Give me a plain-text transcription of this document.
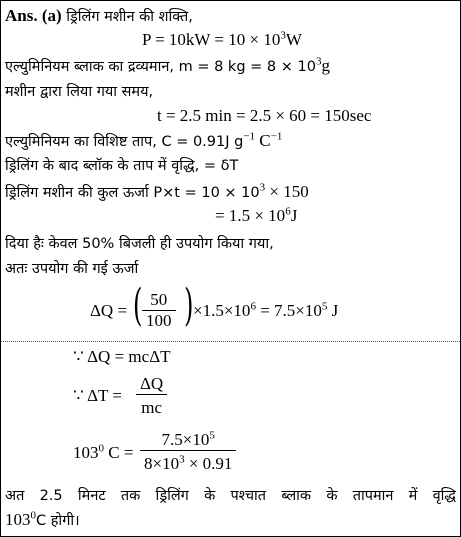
Ans. (a) ड्रिलिंग मशीन की शक्ति,
$P = 10kW = 10 \times 10^3W$
एल्युमिनियम ब्लाक का द्रव्यमान, m = 8 kg = $8 \times 10^3g$
मशीन द्वारा लिया गया समय,
t = 2.5 min = 2.5 × 60 = 150sec
एल्युमिनियम का विशिष्ट ताप, C = 0.91J $g^{-1}$ $C^{-1}$
ड्रिलिंग के बाद ब्लॉक के ताप में वृद्धि, = δT
ड्रिलिंग मशीन की कुल ऊर्जा $P\times t = 10 \times 10^3 \times 150$
= $1.5 \times 10^6J$
दिया हैः केवल 50% बिजली ही उपयोग किया गया,
अतः उपयोग की गई ऊर्जा
ΔQ = ( $\frac{50}{100}$ ) $\times 1.5\times 10^6 = 7.5\times 10^5$ J
∵ ΔQ = mcΔT
∵ $\Delta T = \frac{\Delta Q}{mc}$
$103^0$ $C = \frac{7.5\times 10^5}{8\times 10^3 \times 0.91}$
अत 2.5 मिनट तक ड्रिलिंग के पश्चात ब्लाक के तापमान में वृद्धि
$103^0C$ होगी।
